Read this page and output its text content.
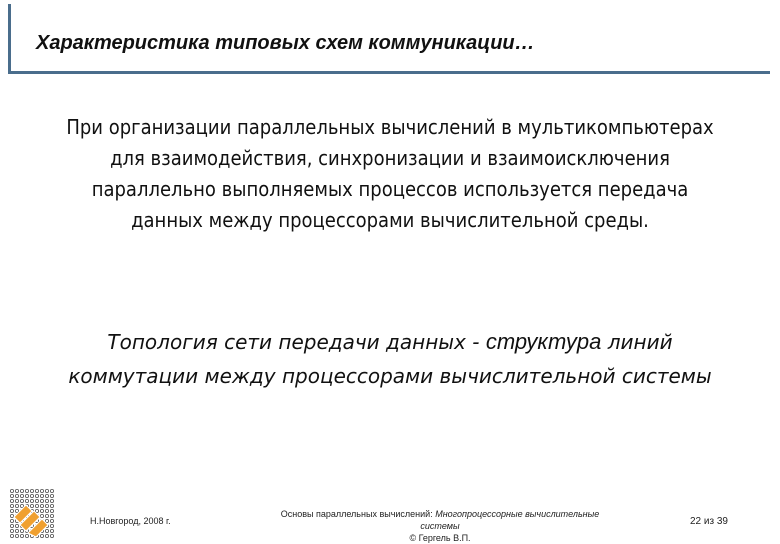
Характеристика типовых схем коммуникации…
При организации параллельных вычислений в мультикомпьютерах
для взаимодействия, синхронизации и взаимоисключения
параллельно выполняемых процессов используется передача
данных между процессорами вычислительной среды.
Топология сети передачи данных - структура линий
коммутации между процессорами вычислительной системы
Н.Новгород, 2008 г.
Основы параллельных вычислений: Многопроцессорные вычислительные
системы
© Гергель В.П.
22 из 39
